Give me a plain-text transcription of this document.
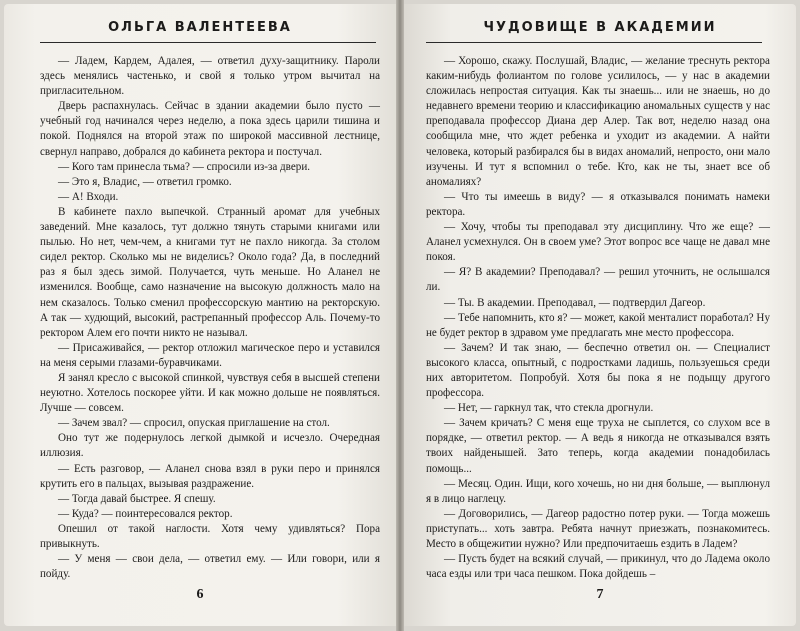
ОЛЬГА ВАЛЕНТЕЕВА

— Ладем, Кардем, Адалея, — ответил духу-защитнику. Пароли здесь менялись частенько, и свой я только утром вычитал на пригласительном.

Дверь распахнулась. Сейчас в здании академии было пусто — учебный год начинался через неделю, а пока здесь царили тишина и покой. Поднялся на второй этаж по широкой массивной лестнице, свернул направо, добрался до кабинета ректора и постучал.

— Кого там принесла тьма? — спросили из-за двери.

— Это я, Владис, — ответил громко.

— А! Входи.

В кабинете пахло выпечкой. Странный аромат для учебных заведений. Мне казалось, тут должно тянуть старыми книгами или пылью. Но нет, чем-чем, а книгами тут не пахло никогда. За столом сидел ректор. Сколько мы не виделись? Около года? Да, в последний раз я был здесь зимой. Получается, чуть меньше. Но Аланел не изменился. Вообще, само назначение на высокую должность мало на нем сказалось. Только сменил профессорскую мантию на ректорскую. А так — худющий, высокий, растрепанный профессор Аль. Почему-то ректором Алем его почти никто не называл.

— Присаживайся, — ректор отложил магическое перо и уставился на меня серыми глазами-буравчиками.

Я занял кресло с высокой спинкой, чувствуя себя в высшей степени неуютно. Хотелось поскорее уйти. И как можно дольше не появляться. Лучше — совсем.

— Зачем звал? — спросил, опуская приглашение на стол.

Оно тут же подернулось легкой дымкой и исчезло. Очередная иллюзия.

— Есть разговор, — Аланел снова взял в руки перо и принялся крутить его в пальцах, вызывая раздражение.

— Тогда давай быстрее. Я спешу.

— Куда? — поинтересовался ректор.

Опешил от такой наглости. Хотя чему удивляться? Пора привыкнуть.

— У меня — свои дела, — ответил ему. — Или говори, или я пойду.

6
ЧУДОВИЩЕ В АКАДЕМИИ

— Хорошо, скажу. Послушай, Владис, — желание треснуть ректора каким-нибудь фолиантом по голове усилилось, — у нас в академии сложилась непростая ситуация. Как ты знаешь... или не знаешь, но до недавнего времени теорию и классификацию аномальных существ у нас преподавала профессор Диана дер Алер. Так вот, неделю назад она сообщила мне, что ждет ребенка и уходит из академии. А найти человека, который разбирался бы в видах аномалий, непросто, они мало изучены. И тут я вспомнил о тебе. Кто, как не ты, знает все об аномалиях?

— Что ты имеешь в виду? — я отказывался понимать намеки ректора.

— Хочу, чтобы ты преподавал эту дисциплину. Что же еще? — Аланел усмехнулся. Он в своем уме? Этот вопрос все чаще не давал мне покоя.

— Я? В академии? Преподавал? — решил уточнить, не ослышался ли.

— Ты. В академии. Преподавал, — подтвердил Дагеор.

— Тебе напомнить, кто я? — может, какой менталист поработал? Ну не будет ректор в здравом уме предлагать мне место профессора.

— Зачем? И так знаю, — беспечно ответил он. — Специалист высокого класса, опытный, с подростками ладишь, пользуешься среди них авторитетом. Попробуй. Хотя бы пока я не подыщу другого профессора.

— Нет, — гаркнул так, что стекла дрогнули.

— Зачем кричать? С меня еще труха не сыплется, со слухом все в порядке, — ответил ректор. — А ведь я никогда не отказывался взять твоих найденышей. Зато теперь, когда академии понадобилась помощь...

— Месяц. Один. Ищи, кого хочешь, но ни дня больше, — выплюнул я в лицо наглецу.

— Договорились, — Дагеор радостно потер руки. — Тогда можешь приступать... хоть завтра. Ребята начнут приезжать, познакомитесь. Место в общежитии нужно? Или предпочитаешь ездить в Ладем?

— Пусть будет на всякий случай, — прикинул, что до Ладема около часа езды или три часа пешком. Пока дойдешь –

7
